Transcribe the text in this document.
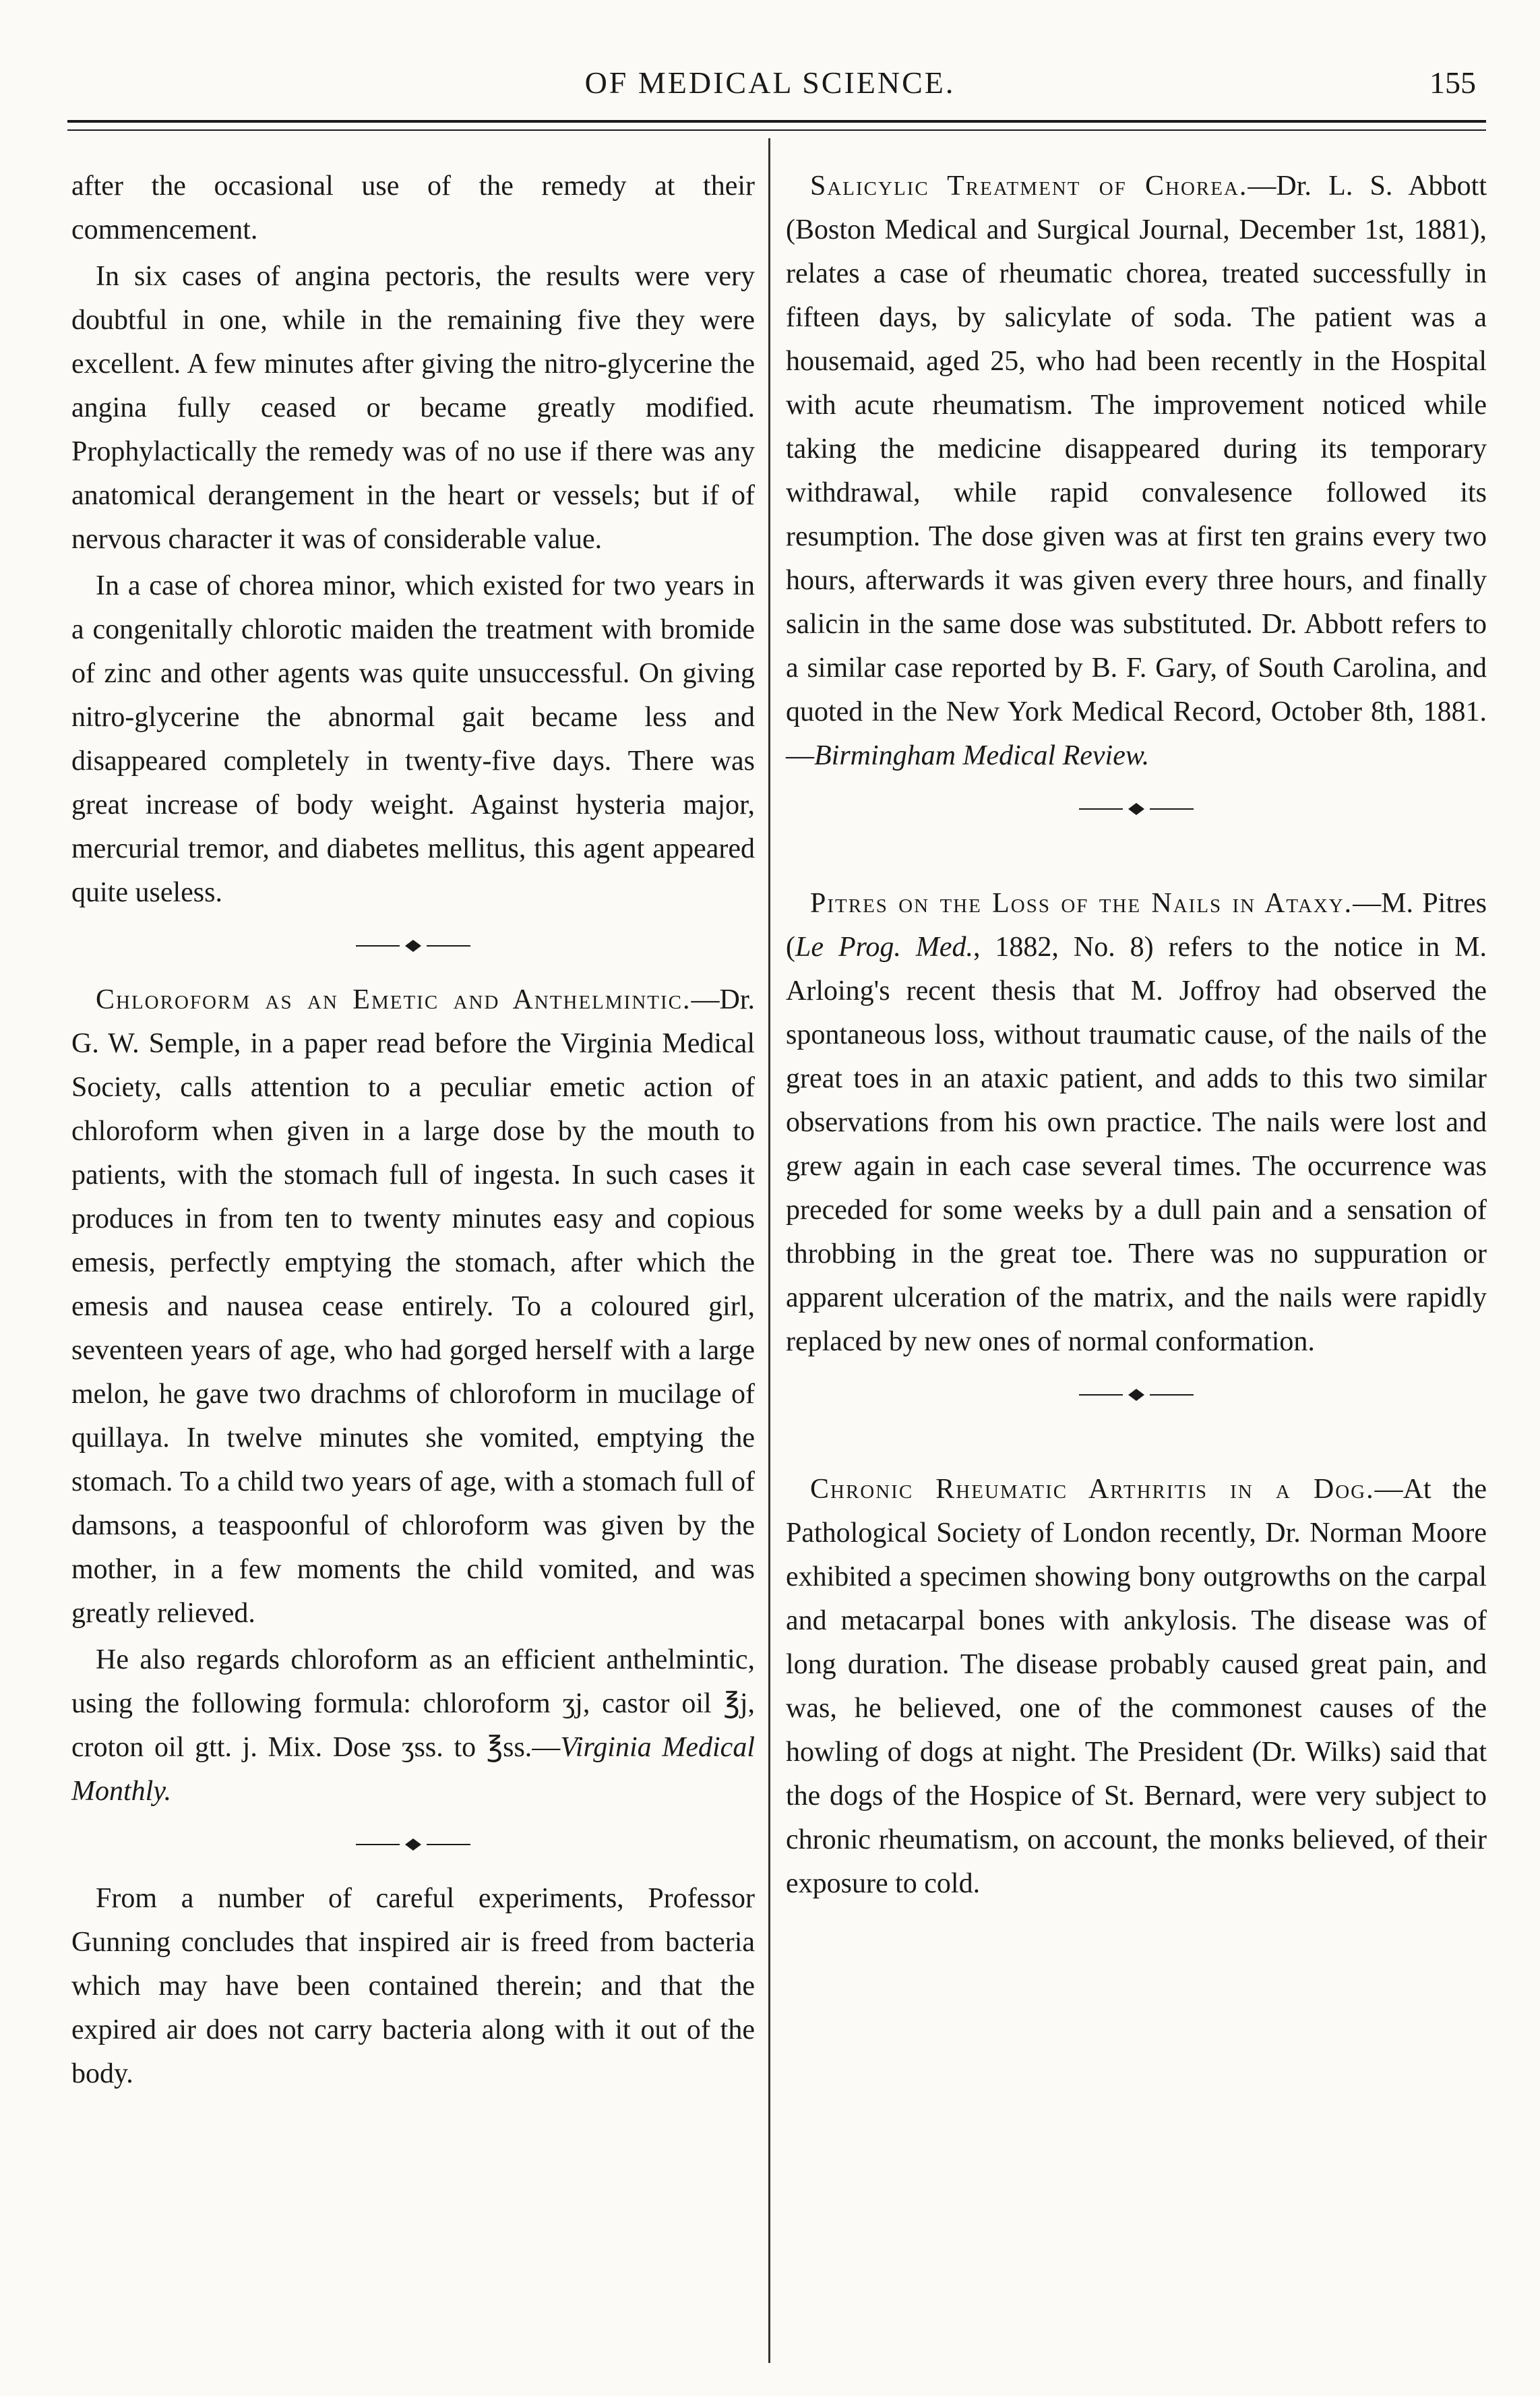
OF MEDICAL SCIENCE.	155

after the occasional use of the remedy at their commencement.

In six cases of angina pectoris, the results were very doubtful in one, while in the remaining five they were excellent. A few minutes after giving the nitro-glycerine the angina fully ceased or became greatly modified. Prophylactically the remedy was of no use if there was any anatomical derangement in the heart or vessels; but if of nervous character it was of considerable value.

In a case of chorea minor, which existed for two years in a congenitally chlorotic maiden the treatment with bromide of zinc and other agents was quite unsuccessful. On giving nitro-glycerine the abnormal gait became less and disappeared completely in twenty-five days. There was great increase of body weight. Against hysteria major, mercurial tremor, and diabetes mellitus, this agent appeared quite useless.

Chloroform as an Emetic and Anthelmintic.—Dr. G. W. Semple, in a paper read before the Virginia Medical Society, calls attention to a peculiar emetic action of chloroform when given in a large dose by the mouth to patients, with the stomach full of ingesta. In such cases it produces in from ten to twenty minutes easy and copious emesis, perfectly emptying the stomach, after which the emesis and nausea cease entirely. To a coloured girl, seventeen years of age, who had gorged herself with a large melon, he gave two drachms of chloroform in mucilage of quillaya. In twelve minutes she vomited, emptying the stomach. To a child two years of age, with a stomach full of damsons, a teaspoonful of chloroform was given by the mother, in a few moments the child vomited, and was greatly relieved.

He also regards chloroform as an efficient anthelmintic, using the following formula: chloroform ʒj, castor oil ℥j, croton oil gtt. j. Mix. Dose ʒss. to ℥ss.—Virginia Medical Monthly.

From a number of careful experiments, Professor Gunning concludes that inspired air is freed from bacteria which may have been contained therein; and that the expired air does not carry bacteria along with it out of the body.

Salicylic Treatment of Chorea.—Dr. L. S. Abbott (Boston Medical and Surgical Journal, December 1st, 1881), relates a case of rheumatic chorea, treated successfully in fifteen days, by salicylate of soda. The patient was a housemaid, aged 25, who had been recently in the Hospital with acute rheumatism. The improvement noticed while taking the medicine disappeared during its temporary withdrawal, while rapid convalesence followed its resumption. The dose given was at first ten grains every two hours, afterwards it was given every three hours, and finally salicin in the same dose was substituted. Dr. Abbott refers to a similar case reported by B. F. Gary, of South Carolina, and quoted in the New York Medical Record, October 8th, 1881.—Birmingham Medical Review.

Pitres on the Loss of the Nails in Ataxy.—M. Pitres (Le Prog. Med., 1882, No. 8) refers to the notice in M. Arloing's recent thesis that M. Joffroy had observed the spontaneous loss, without traumatic cause, of the nails of the great toes in an ataxic patient, and adds to this two similar observations from his own practice. The nails were lost and grew again in each case several times. The occurrence was preceded for some weeks by a dull pain and a sensation of throbbing in the great toe. There was no suppuration or apparent ulceration of the matrix, and the nails were rapidly replaced by new ones of normal conformation.

Chronic Rheumatic Arthritis in a Dog.—At the Pathological Society of London recently, Dr. Norman Moore exhibited a specimen showing bony outgrowths on the carpal and metacarpal bones with ankylosis. The disease was of long duration. The disease probably caused great pain, and was, he believed, one of the commonest causes of the howling of dogs at night. The President (Dr. Wilks) said that the dogs of the Hospice of St. Bernard, were very subject to chronic rheumatism, on account, the monks believed, of their exposure to cold.
